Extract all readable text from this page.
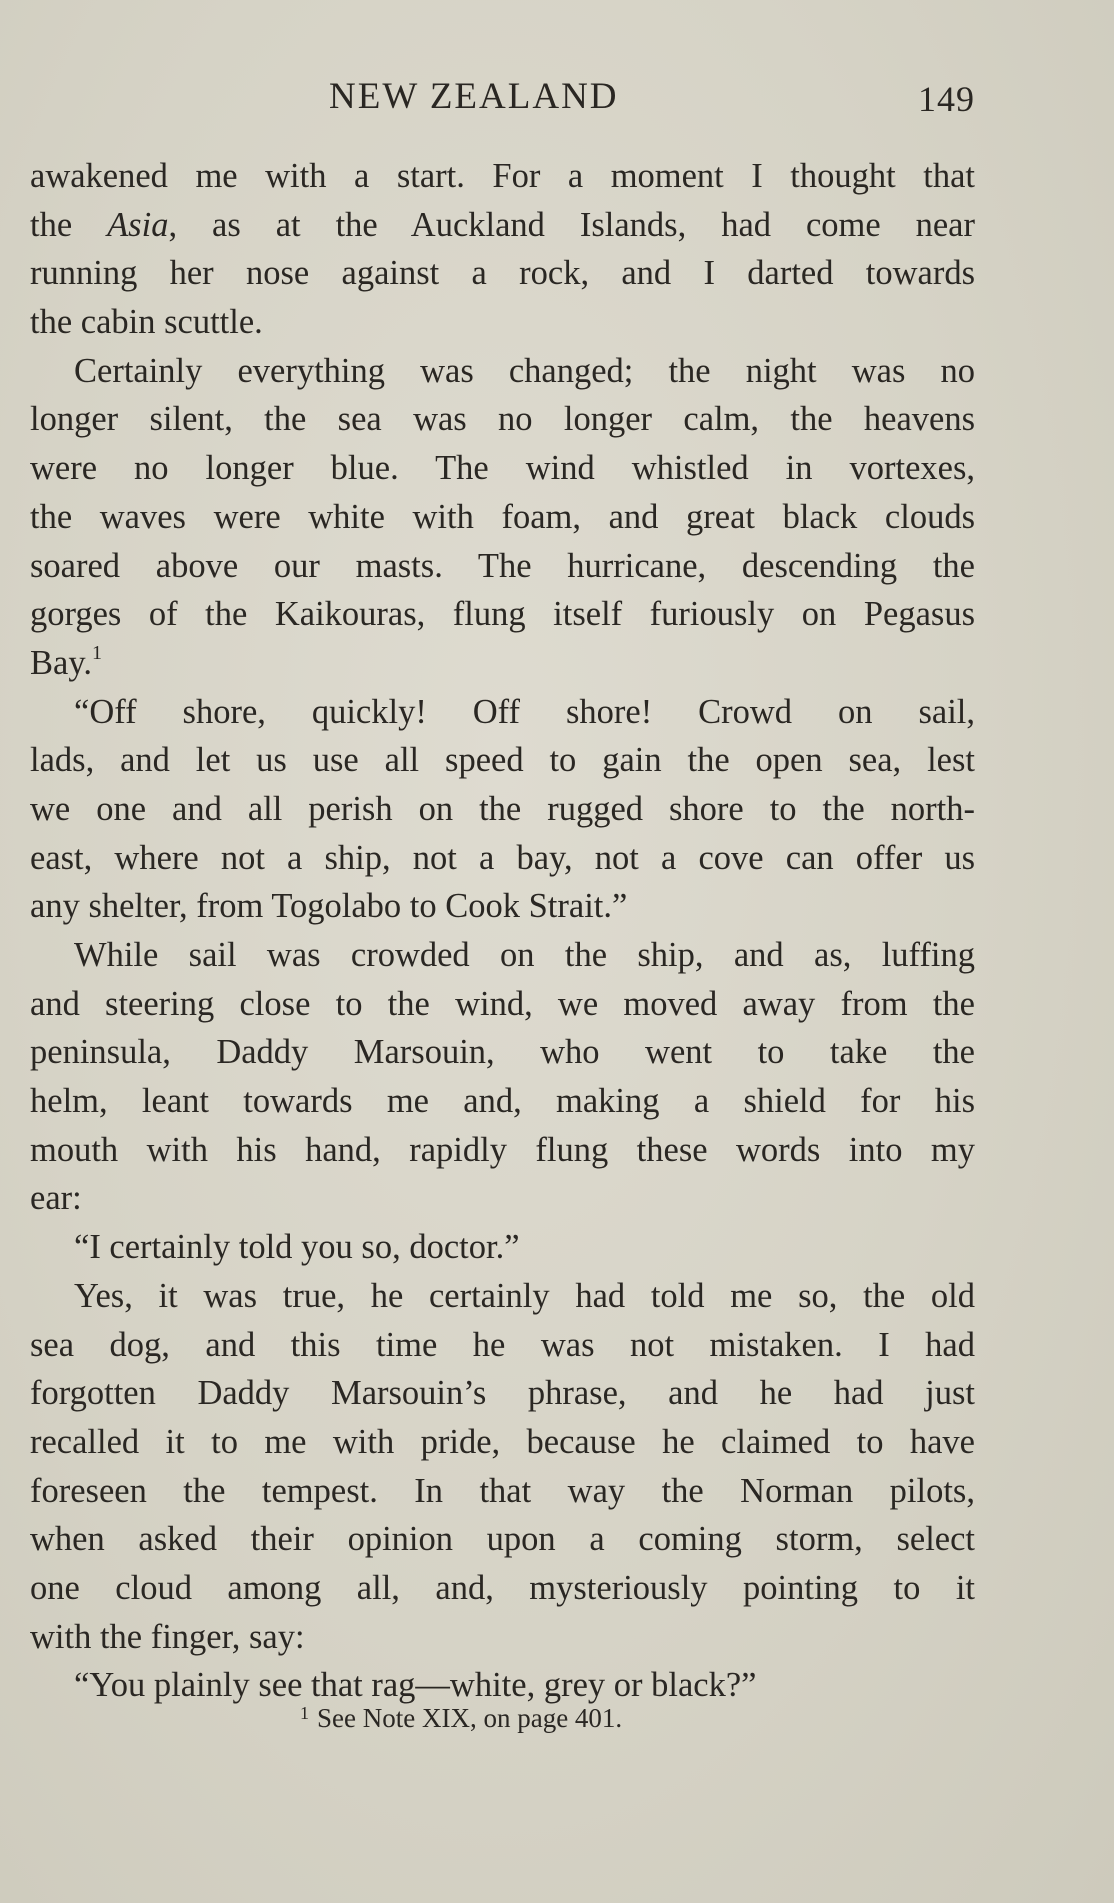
NEW ZEALAND	149
awakened me with a start. For a moment I thought that
the Asia, as at the Auckland Islands, had come near
running her nose against a rock, and I darted towards
the cabin scuttle.
Certainly everything was changed; the night was no
longer silent, the sea was no longer calm, the heavens
were no longer blue. The wind whistled in vortexes,
the waves were white with foam, and great black clouds
soared above our masts. The hurricane, descending the
gorges of the Kaikouras, flung itself furiously on Pegasus
Bay.$^1$
“Off shore, quickly! Off shore! Crowd on sail,
lads, and let us use all speed to gain the open sea, lest
we one and all perish on the rugged shore to the north-
east, where not a ship, not a bay, not a cove can offer us
any shelter, from Togolabo to Cook Strait.”
While sail was crowded on the ship, and as, luffing
and steering close to the wind, we moved away from the
peninsula, Daddy Marsouin, who went to take the
helm, leant towards me and, making a shield for his
mouth with his hand, rapidly flung these words into my
ear:
“I certainly told you so, doctor.”
Yes, it was true, he certainly had told me so, the old
sea dog, and this time he was not mistaken. I had
forgotten Daddy Marsouin’s phrase, and he had just
recalled it to me with pride, because he claimed to have
foreseen the tempest. In that way the Norman pilots,
when asked their opinion upon a coming storm, select
one cloud among all, and, mysteriously pointing to it
with the finger, say:
“You plainly see that rag—white, grey or black?”
$^1$ See Note XIX, on page 401.
